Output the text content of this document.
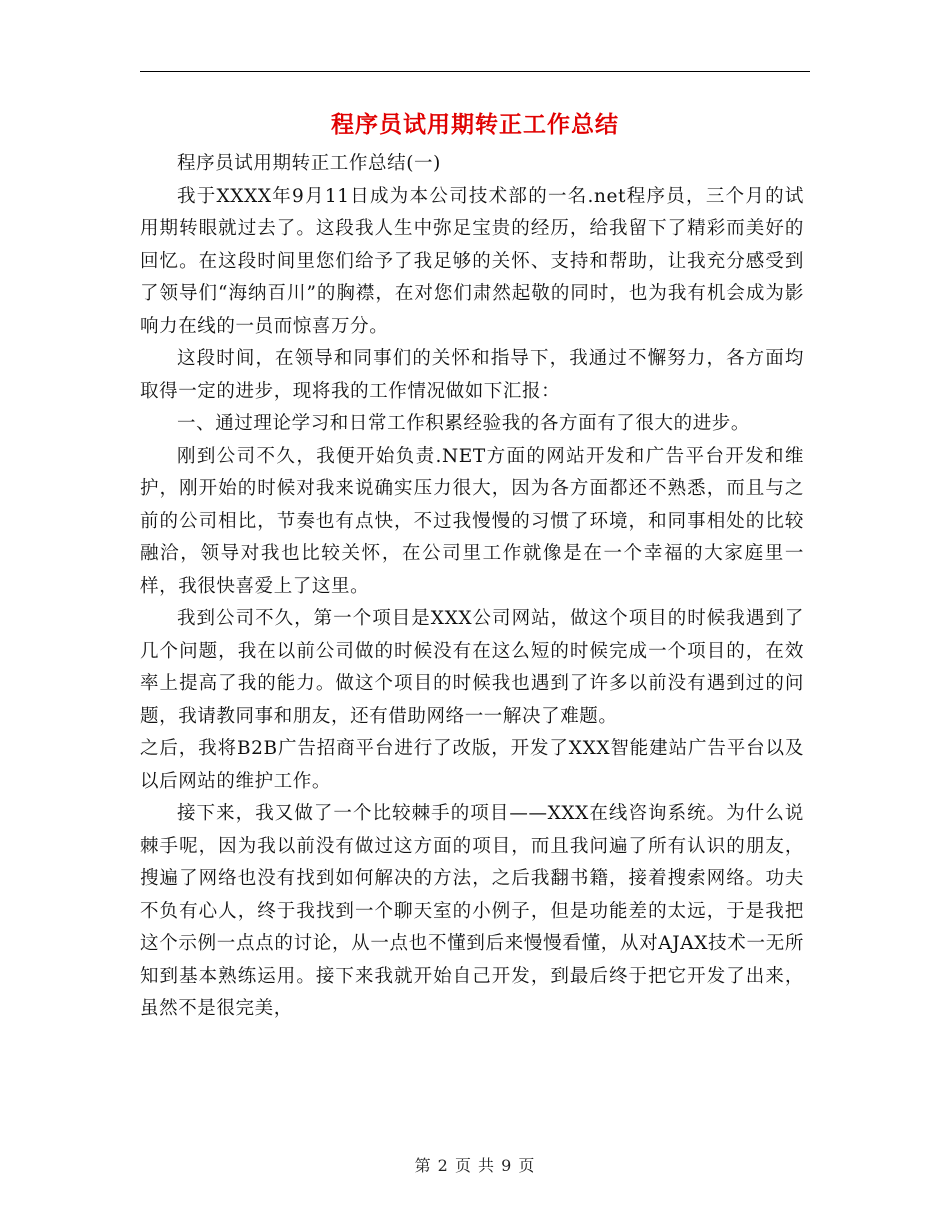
程序员试用期转正工作总结

程序员试用期转正工作总结(一)

我于XXXX年9月11日成为本公司技术部的一名.net程序员，三个月的试用期转眼就过去了。这段我人生中弥足宝贵的经历，给我留下了精彩而美好的回忆。在这段时间里您们给予了我足够的关怀、支持和帮助，让我充分感受到了领导们“海纳百川”的胸襟，在对您们肃然起敬的同时，也为我有机会成为影响力在线的一员而惊喜万分。

这段时间，在领导和同事们的关怀和指导下，我通过不懈努力，各方面均取得一定的进步，现将我的工作情况做如下汇报：

一、通过理论学习和日常工作积累经验我的各方面有了很大的进步。

刚到公司不久，我便开始负责.NET方面的网站开发和广告平台开发和维护，刚开始的时候对我来说确实压力很大，因为各方面都还不熟悉，而且与之前的公司相比，节奏也有点快，不过我慢慢的习惯了环境，和同事相处的比较融洽，领导对我也比较关怀，在公司里工作就像是在一个幸福的大家庭里一样，我很快喜爱上了这里。

我到公司不久，第一个项目是XXX公司网站，做这个项目的时候我遇到了几个问题，我在以前公司做的时候没有在这么短的时候完成一个项目的，在效率上提高了我的能力。做这个项目的时候我也遇到了许多以前没有遇到过的问题，我请教同事和朋友，还有借助网络一一解决了难题。

之后，我将B2B广告招商平台进行了改版，开发了XXX智能建站广告平台以及以后网站的维护工作。

接下来，我又做了一个比较棘手的项目——XXX在线咨询系统。为什么说棘手呢，因为我以前没有做过这方面的项目，而且我问遍了所有认识的朋友，搜遍了网络也没有找到如何解决的方法，之后我翻书籍，接着搜索网络。功夫不负有心人，终于我找到一个聊天室的小例子，但是功能差的太远，于是我把这个示例一点点的讨论，从一点也不懂到后来慢慢看懂，从对AJAX技术一无所知到基本熟练运用。接下来我就开始自己开发，到最后终于把它开发了出来，虽然不是很完美，

第 2 页 共 9 页
